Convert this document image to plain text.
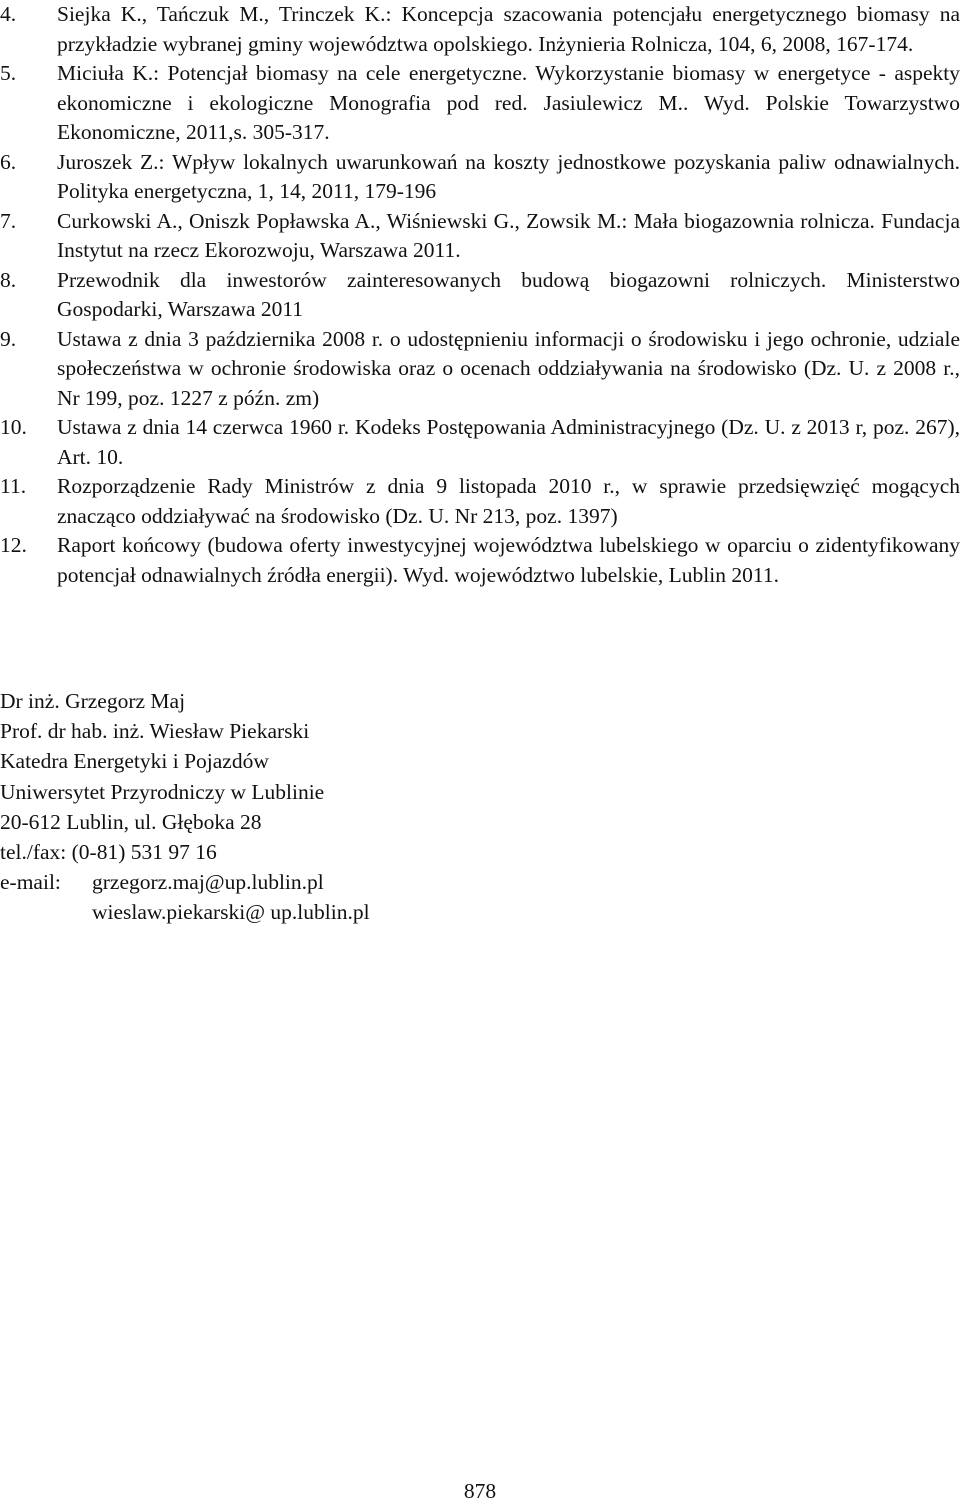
4. Siejka K., Tańczuk M., Trinczek K.: Koncepcja szacowania potencjału energetycznego biomasy na przykładzie wybranej gminy województwa opolskiego. Inżynieria Rolnicza, 104, 6, 2008, 167-174.
5. Miciuła K.: Potencjał biomasy na cele energetyczne. Wykorzystanie biomasy w energetyce - aspekty ekonomiczne i ekologiczne Monografia pod red. Jasiulewicz M.. Wyd. Polskie Towarzystwo Ekonomiczne, 2011,s. 305-317.
6. Juroszek Z.: Wpływ lokalnych uwarunkowań na koszty jednostkowe pozyskania paliw odnawialnych. Polityka energetyczna, 1, 14, 2011, 179-196
7. Curkowski A., Oniszk Popławska A., Wiśniewski G., Zowsik M.: Mała biogazownia rolnicza. Fundacja Instytut na rzecz Ekorozwoju, Warszawa 2011.
8. Przewodnik dla inwestorów zainteresowanych budową biogazowni rolniczych. Ministerstwo Gospodarki, Warszawa 2011
9. Ustawa z dnia 3 października 2008 r. o udostępnieniu informacji o środowisku i jego ochronie, udziale społeczeństwa w ochronie środowiska oraz o ocenach oddziaływania na środowisko (Dz. U. z 2008 r., Nr 199, poz. 1227 z późn. zm)
10. Ustawa z dnia 14 czerwca 1960 r. Kodeks Postępowania Administracyjnego (Dz. U. z 2013 r, poz. 267), Art. 10.
11. Rozporządzenie Rady Ministrów z dnia 9 listopada 2010 r., w sprawie przedsięwzięć mogących znacząco oddziaływać na środowisko (Dz. U. Nr 213, poz. 1397)
12. Raport końcowy (budowa oferty inwestycyjnej województwa lubelskiego w oparciu o zidentyfikowany potencjał odnawialnych źródła energii). Wyd. województwo lubelskie, Lublin 2011.
Dr inż. Grzegorz Maj
Prof. dr hab. inż. Wiesław Piekarski
Katedra Energetyki i Pojazdów
Uniwersytet Przyrodniczy w Lublinie
20-612 Lublin, ul. Głęboka 28
tel./fax: (0-81) 531 97 16
e-mail: grzegorz.maj@up.lublin.pl
wieslaw.piekarski@ up.lublin.pl
878
